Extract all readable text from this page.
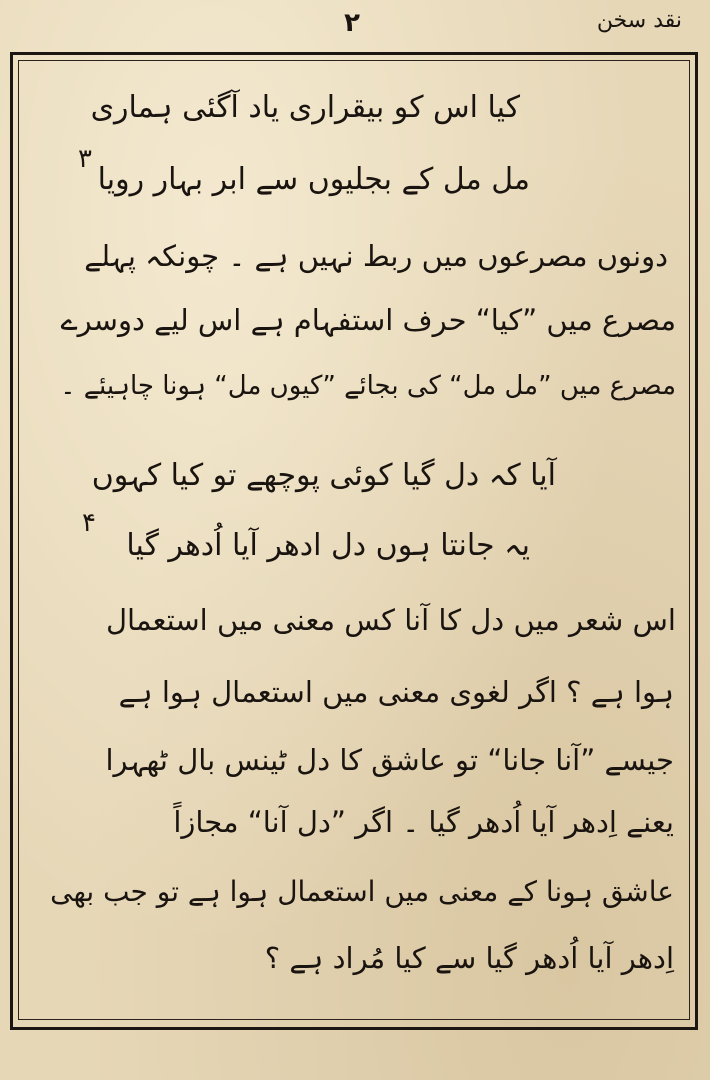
نقد سخن
۲
کیا اس کو بیقراری یاد آگئی ہماری
۳
مل مل کے بجلیوں سے ابر بہار رویا
دونوں مصرعوں میں ربط نہیں ہے ۔ چونکہ پہلے
مصرع میں ”کیا“ حرف استفہام ہے اس لیے دوسرے
مصرع میں ”مل مل“ کی بجائے ”کیوں مل“ ہونا چاہیئے ۔
آیا کہ دل گیا کوئی پوچھے تو کیا کہوں
۴
یہ جانتا ہوں دل ادھر آیا اُدھر گیا
اس شعر میں دل کا آنا کس معنی میں استعمال
ہوا ہے ؟ اگر لغوی معنی میں استعمال ہوا ہے
جیسے ”آنا جانا“ تو عاشق کا دل ٹینس بال ٹھہرا
یعنے اِدھر آیا اُدھر گیا ۔ اگر ”دل آنا“ مجازاً
عاشق ہونا کے معنی میں استعمال ہوا ہے تو جب بھی
اِدھر آیا اُدھر گیا سے کیا مُراد ہے ؟
